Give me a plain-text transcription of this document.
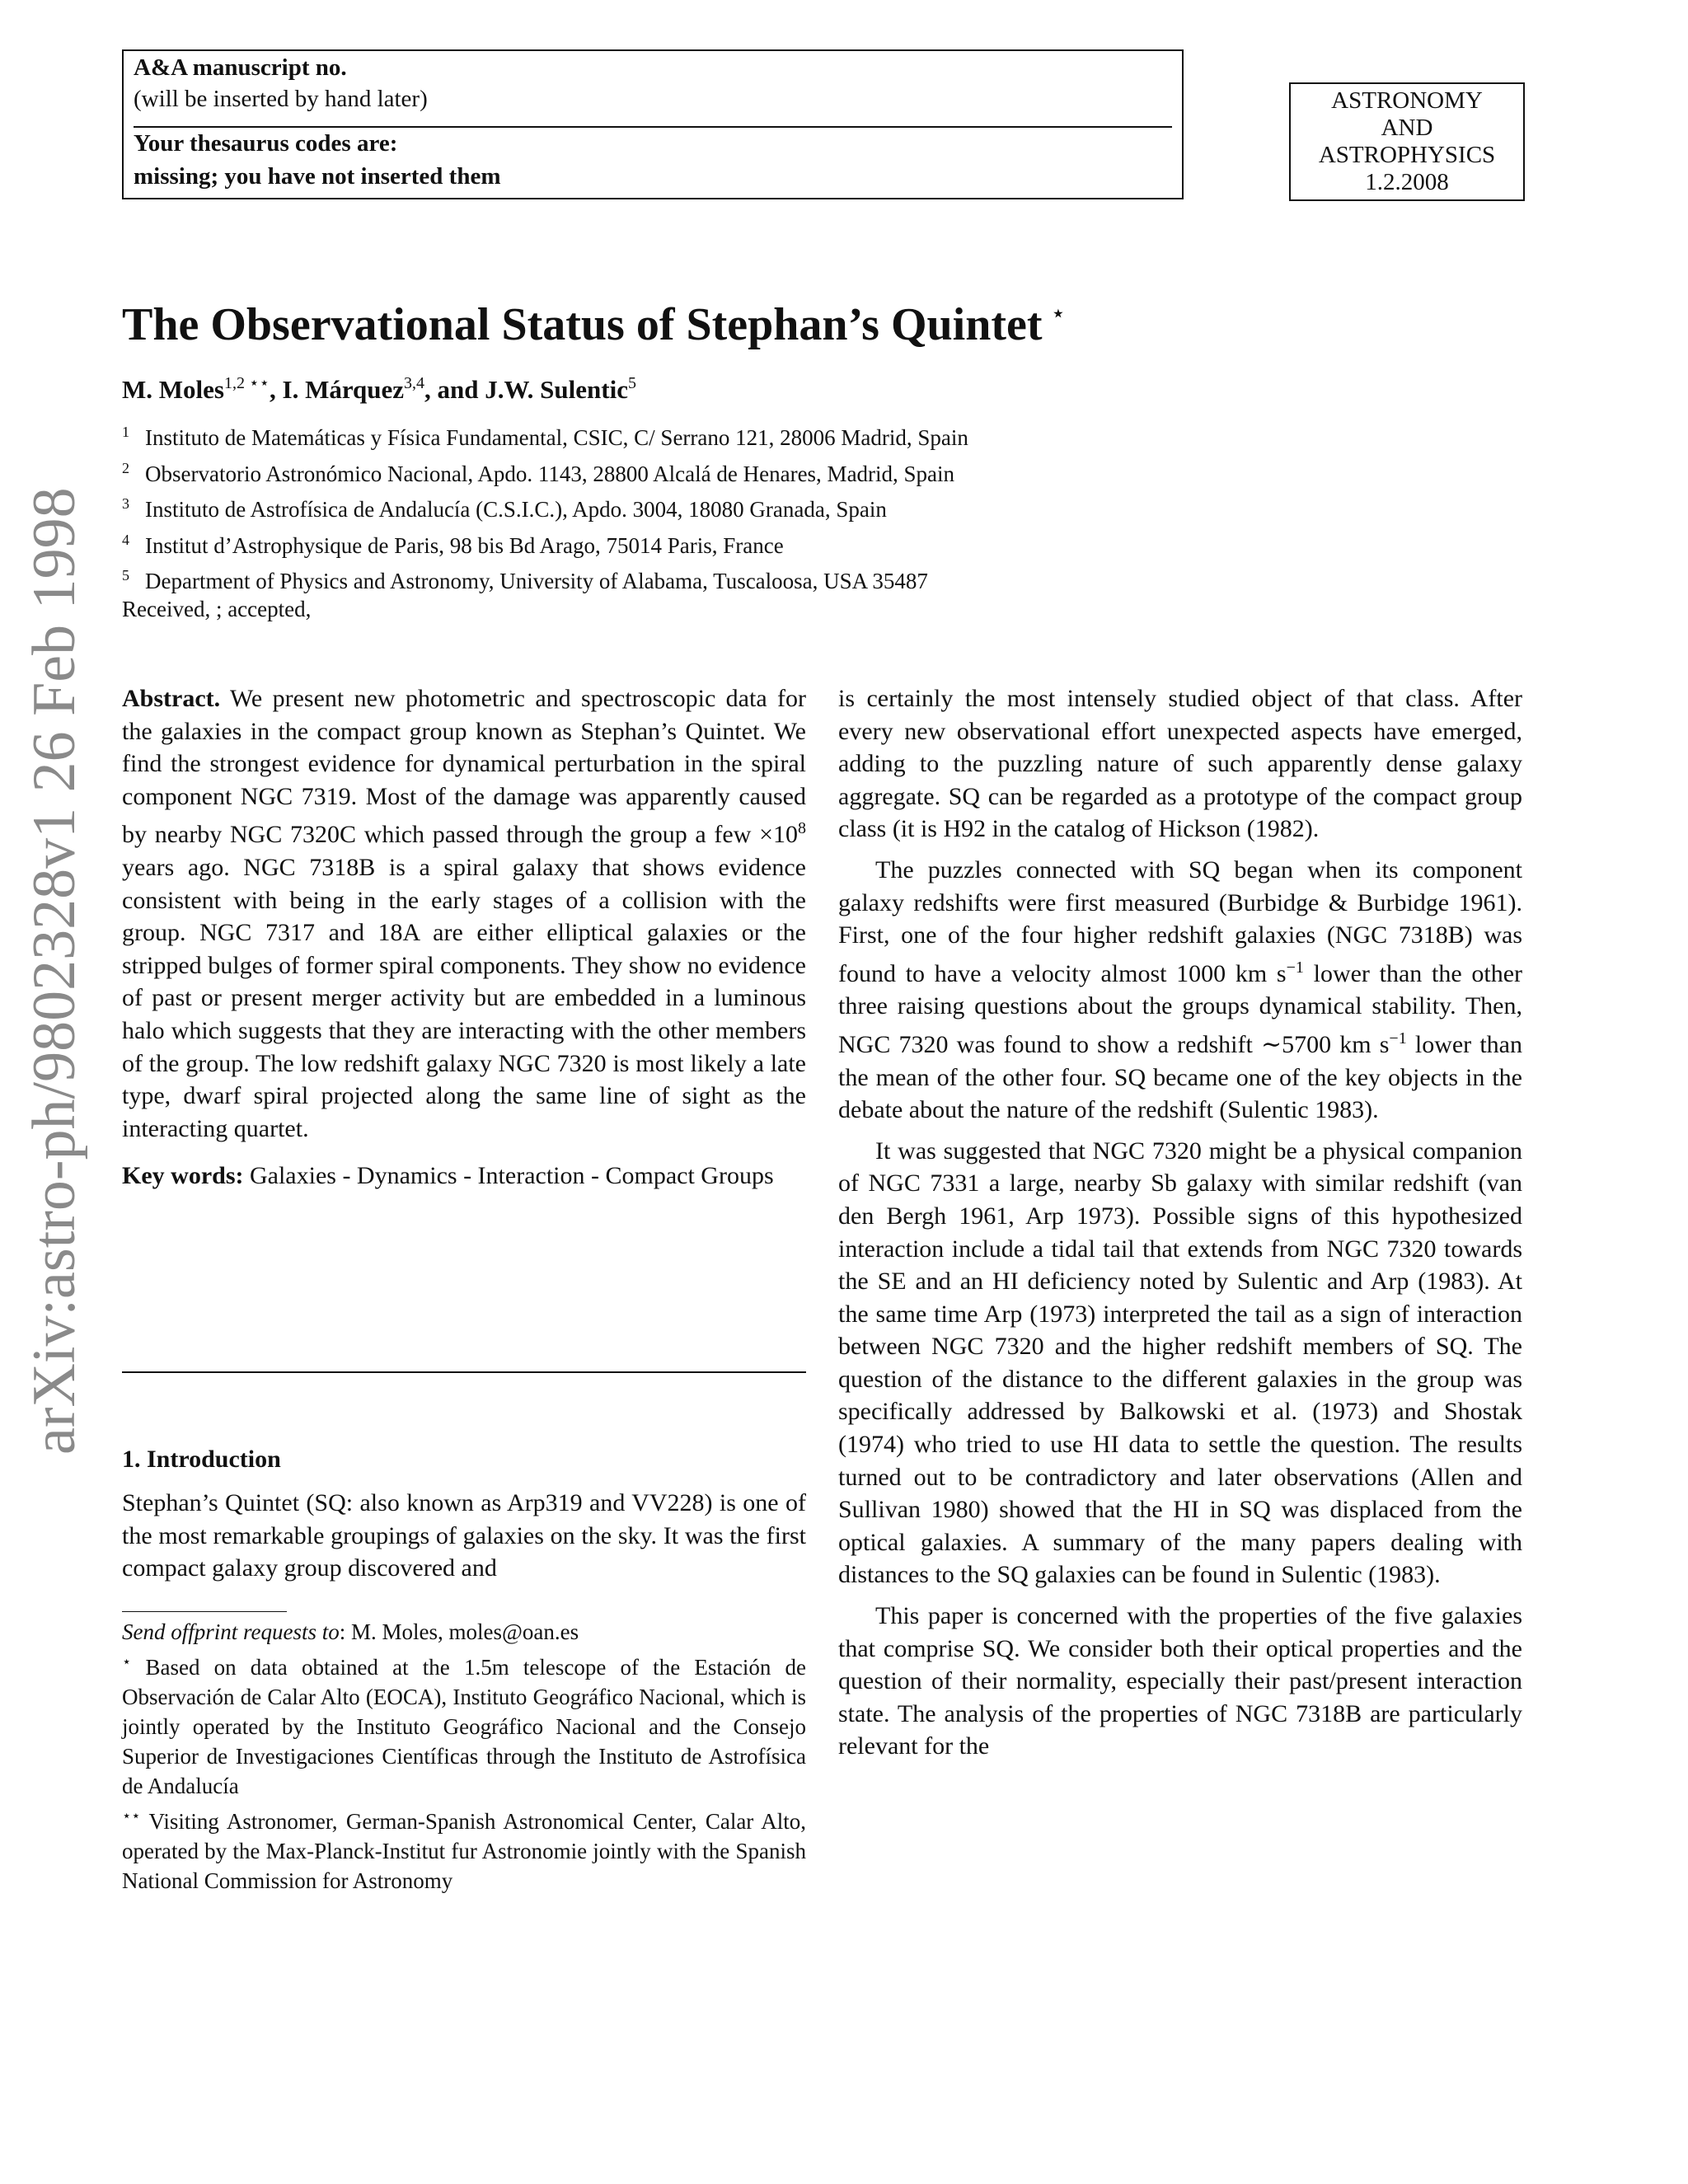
A&A manuscript no.
(will be inserted by hand later)
Your thesaurus codes are:
missing; you have not inserted them
ASTRONOMY
AND
ASTROPHYSICS
1.2.2008
arXiv:astro-ph/9802328v1 26 Feb 1998
The Observational Status of Stephan’s Quintet ⋆
M. Moles$^{1,2}$ ⋆⋆, I. Márquez$^{3,4}$, and J.W. Sulentic$^5$
1 Instituto de Matemáticas y Física Fundamental, CSIC, C/ Serrano 121, 28006 Madrid, Spain
2 Observatorio Astronómico Nacional, Apdo. 1143, 28800 Alcalá de Henares, Madrid, Spain
3 Instituto de Astrofísica de Andalucía (C.S.I.C.), Apdo. 3004, 18080 Granada, Spain
4 Institut d’Astrophysique de Paris, 98 bis Bd Arago, 75014 Paris, France
5 Department of Physics and Astronomy, University of Alabama, Tuscaloosa, USA 35487
Received, ; accepted,

Abstract. We present new photometric and spectroscopic data for the galaxies in the compact group known as Stephan’s Quintet. We find the strongest evidence for dynamical perturbation in the spiral component NGC 7319. Most of the damage was apparently caused by nearby NGC 7320C which passed through the group a few $\times 10^8$ years ago. NGC 7318B is a spiral galaxy that shows evidence consistent with being in the early stages of a collision with the group. NGC 7317 and 18A are either elliptical galaxies or the stripped bulges of former spiral components. They show no evidence of past or present merger activity but are embedded in a luminous halo which suggests that they are interacting with the other members of the group. The low redshift galaxy NGC 7320 is most likely a late type, dwarf spiral projected along the same line of sight as the interacting quartet.

Key words: Galaxies - Dynamics - Interaction - Compact Groups

1. Introduction

Stephan’s Quintet (SQ: also known as Arp319 and VV228) is one of the most remarkable groupings of galaxies on the sky. It was the first compact galaxy group discovered and

Send offprint requests to: M. Moles, moles@oan.es

⋆ Based on data obtained at the 1.5m telescope of the Estación de Observación de Calar Alto (EOCA), Instituto Geográfico Nacional, which is jointly operated by the Instituto Geográfico Nacional and the Consejo Superior de Investigaciones Científicas through the Instituto de Astrofísica de Andalucía

⋆⋆ Visiting Astronomer, German-Spanish Astronomical Center, Calar Alto, operated by the Max-Planck-Institut fur Astronomie jointly with the Spanish National Commission for Astronomy

is certainly the most intensely studied object of that class. After every new observational effort unexpected aspects have emerged, adding to the puzzling nature of such apparently dense galaxy aggregate. SQ can be regarded as a prototype of the compact group class (it is H92 in the catalog of Hickson (1982).

The puzzles connected with SQ began when its component galaxy redshifts were first measured (Burbidge & Burbidge 1961). First, one of the four higher redshift galaxies (NGC 7318B) was found to have a velocity almost 1000 km $s^{-1}$ lower than the other three raising questions about the groups dynamical stability. Then, NGC 7320 was found to show a redshift ∼5700 km $s^{-1}$ lower than the mean of the other four. SQ became one of the key objects in the debate about the nature of the redshift (Sulentic 1983).

It was suggested that NGC 7320 might be a physical companion of NGC 7331 a large, nearby Sb galaxy with similar redshift (van den Bergh 1961, Arp 1973). Possible signs of this hypothesized interaction include a tidal tail that extends from NGC 7320 towards the SE and an HI deficiency noted by Sulentic and Arp (1983). At the same time Arp (1973) interpreted the tail as a sign of interaction between NGC 7320 and the higher redshift members of SQ. The question of the distance to the different galaxies in the group was specifically addressed by Balkowski et al. (1973) and Shostak (1974) who tried to use HI data to settle the question. The results turned out to be contradictory and later observations (Allen and Sullivan 1980) showed that the HI in SQ was displaced from the optical galaxies. A summary of the many papers dealing with distances to the SQ galaxies can be found in Sulentic (1983).

This paper is concerned with the properties of the five galaxies that comprise SQ. We consider both their optical properties and the question of their normality, especially their past/present interaction state. The analysis of the properties of NGC 7318B are particularly relevant for the
